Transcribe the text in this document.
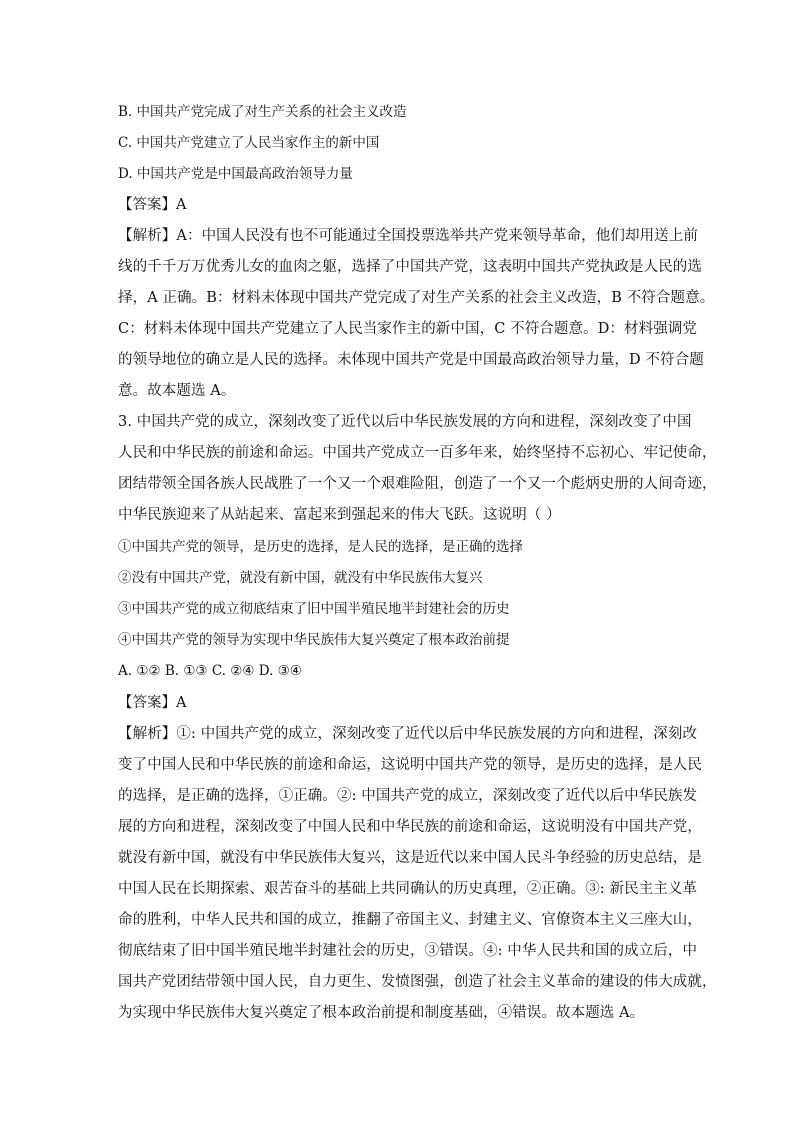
B. 中国共产党完成了对生产关系的社会主义改造
C. 中国共产党建立了人民当家作主的新中国
D. 中国共产党是中国最高政治领导力量
【答案】A
【解析】A：中国人民没有也不可能通过全国投票选举共产党来领导革命，他们却用送上前
线的千千万万优秀儿女的血肉之躯，选择了中国共产党，这表明中国共产党执政是人民的选
择，A 正确。B：材料未体现中国共产党完成了对生产关系的社会主义改造，B 不符合题意。
C：材料未体现中国共产党建立了人民当家作主的新中国，C 不符合题意。D：材料强调党
的领导地位的确立是人民的选择。未体现中国共产党是中国最高政治领导力量，D 不符合题
意。故本题选 A。
3. 中国共产党的成立，深刻改变了近代以后中华民族发展的方向和进程，深刻改变了中国
人民和中华民族的前途和命运。中国共产党成立一百多年来，始终坚持不忘初心、牢记使命，
团结带领全国各族人民战胜了一个又一个艰难险阻，创造了一个又一个彪炳史册的人间奇迹，
中华民族迎来了从站起来、富起来到强起来的伟大飞跃。这说明（ ）
①中国共产党的领导，是历史的选择，是人民的选择，是正确的选择
②没有中国共产党，就没有新中国，就没有中华民族伟大复兴
③中国共产党的成立彻底结束了旧中国半殖民地半封建社会的历史
④中国共产党的领导为实现中华民族伟大复兴奠定了根本政治前提
A. ①② B. ①③ C. ②④ D. ③④
【答案】A
【解析】①: 中国共产党的成立，深刻改变了近代以后中华民族发展的方向和进程，深刻改
变了中国人民和中华民族的前途和命运，这说明中国共产党的领导，是历史的选择，是人民
的选择，是正确的选择，①正确。②: 中国共产党的成立，深刻改变了近代以后中华民族发
展的方向和进程，深刻改变了中国人民和中华民族的前途和命运，这说明没有中国共产党，
就没有新中国，就没有中华民族伟大复兴，这是近代以来中国人民斗争经验的历史总结，是
中国人民在长期探索、艰苦奋斗的基础上共同确认的历史真理，②正确。③: 新民主主义革
命的胜利，中华人民共和国的成立，推翻了帝国主义、封建主义、官僚资本主义三座大山，
彻底结束了旧中国半殖民地半封建社会的历史，③错误。④: 中华人民共和国的成立后，中
国共产党团结带领中国人民，自力更生、发愤图强，创造了社会主义革命的建设的伟大成就，
为实现中华民族伟大复兴奠定了根本政治前提和制度基础，④错误。故本题选 A。
